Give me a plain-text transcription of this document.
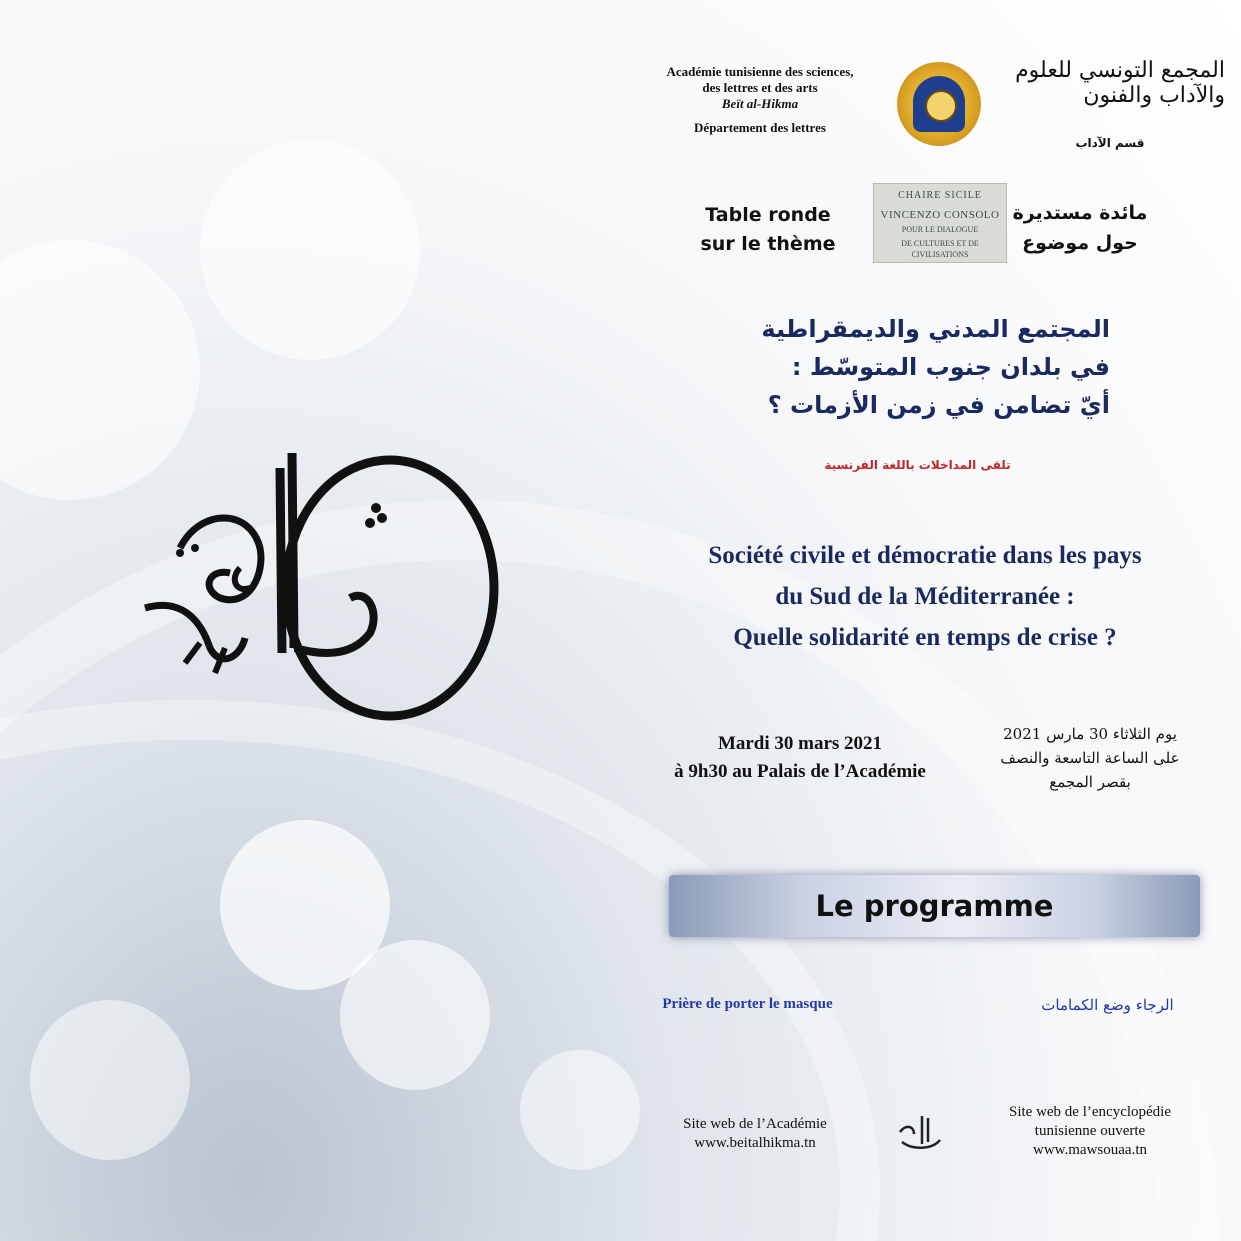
Académie tunisienne des sciences,
des lettres et des arts
Beït al-Hikma
Département des lettres
المجمع التونسي للعلوم والآداب والفنون
قسم الآداب
Table ronde
sur le thème
CHAIRE SICILE
VINCENZO CONSOLO
POUR LE DIALOGUE
DE CULTURES ET DE CIVILISATIONS
مائدة مستديرة
حول موضوع
المجتمع المدني والديمقراطية
في بلدان جنوب المتوسّط :
أيّ تضامن في زمن الأزمات ؟
تلقى المداخلات باللغة الفرنسية
Société civile et démocratie dans les pays
du Sud de la Méditerranée :
Quelle solidarité en temps de crise ?
Mardi 30 mars 2021
à 9h30 au Palais de l’Académie
يوم الثلاثاء 30 مارس 2021
على الساعة التاسعة والنصف
بقصر المجمع
Le programme
Prière de porter le masque	الرجاء وضع الكمامات
Site web de l’Académie
www.beitalhikma.tn
Site web de l’encyclopédie
tunisienne ouverte
www.mawsouaa.tn
